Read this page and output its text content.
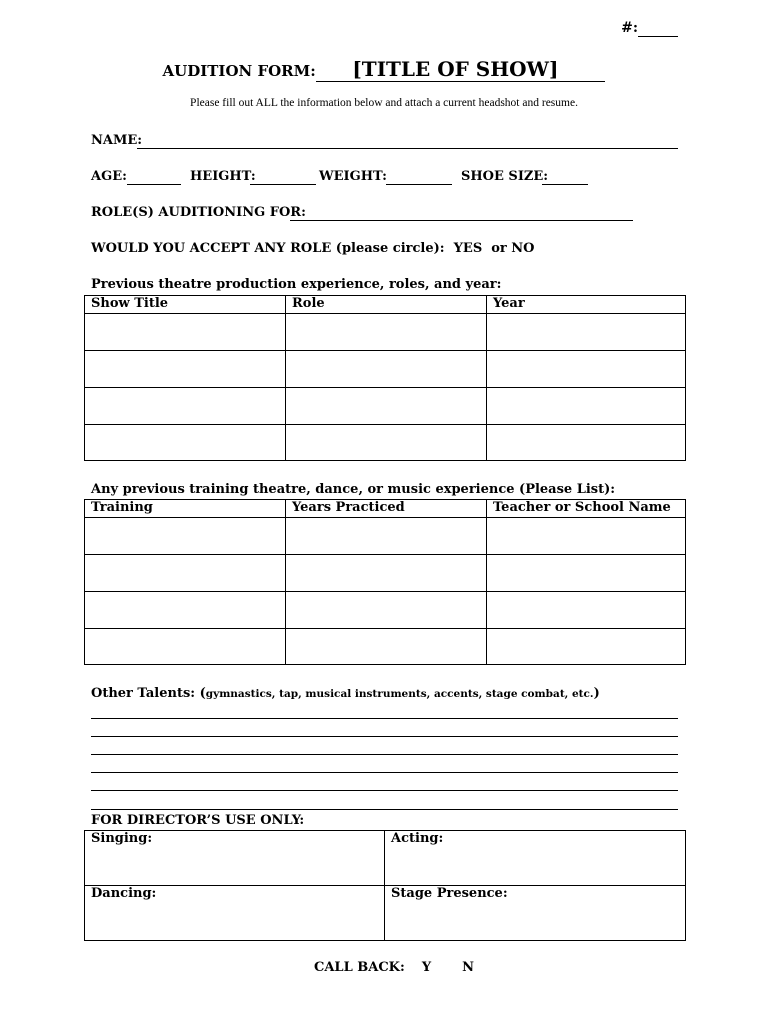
#:
AUDITION FORM: [TITLE OF SHOW]
Please fill out ALL the information below and attach a current headshot and resume.
NAME:
AGE:	HEIGHT:	WEIGHT:	SHOE SIZE:
ROLE(S) AUDITIONING FOR:
WOULD YOU ACCEPT ANY ROLE (please circle):  YES  or NO
Previous theatre production experience, roles, and year:
Show Title	Role	Year

Any previous training theatre, dance, or music experience (Please List):
Training	Years Practiced	Teacher or School Name

Other Talents: (gymnastics, tap, musical instruments, accents, stage combat, etc.)
FOR DIRECTOR’S USE ONLY:
Singing:	Acting:
Dancing:	Stage Presence:
CALL BACK: Y N
